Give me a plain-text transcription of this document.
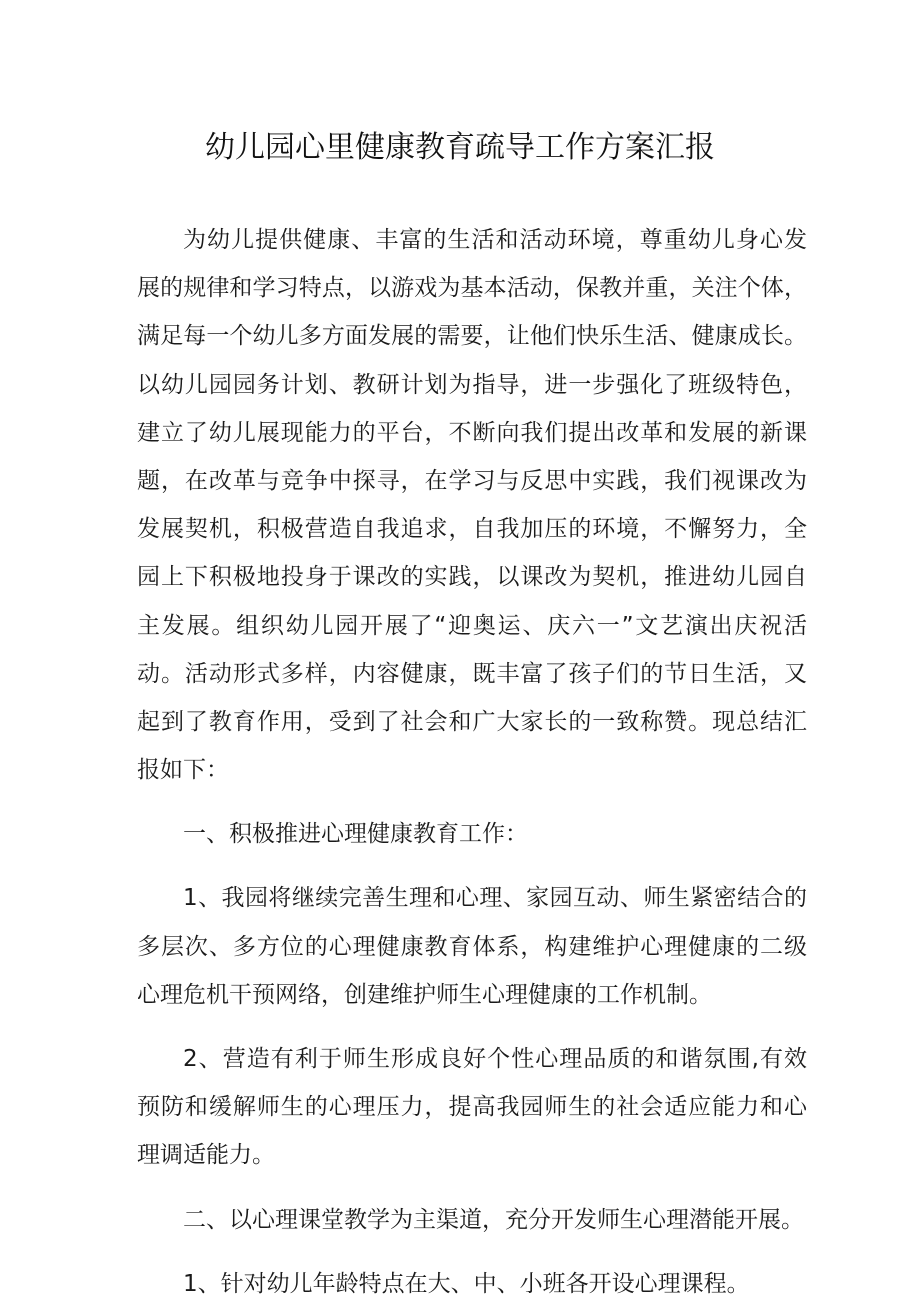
幼儿园心里健康教育疏导工作方案汇报

为幼儿提供健康、丰富的生活和活动环境，尊重幼儿身心发
展的规律和学习特点，以游戏为基本活动，保教并重，关注个体，
满足每一个幼儿多方面发展的需要，让他们快乐生活、健康成长。
以幼儿园园务计划、教研计划为指导，进一步强化了班级特色，
建立了幼儿展现能力的平台，不断向我们提出改革和发展的新课
题，在改革与竞争中探寻，在学习与反思中实践，我们视课改为
发展契机，积极营造自我追求，自我加压的环境，不懈努力，全
园上下积极地投身于课改的实践，以课改为契机，推进幼儿园自
主发展。组织幼儿园开展了“迎奥运、庆六一”文艺演出庆祝活
动。活动形式多样，内容健康，既丰富了孩子们的节日生活，又
起到了教育作用，受到了社会和广大家长的一致称赞。现总结汇
报如下：

一、积极推进心理健康教育工作：

1、我园将继续完善生理和心理、家园互动、师生紧密结合的
多层次、多方位的心理健康教育体系，构建维护心理健康的二级
心理危机干预网络，创建维护师生心理健康的工作机制。

2、营造有利于师生形成良好个性心理品质的和谐氛围,有效
预防和缓解师生的心理压力，提高我园师生的社会适应能力和心
理调适能力。

二、以心理课堂教学为主渠道，充分开发师生心理潜能开展。

1、针对幼儿年龄特点在大、中、小班各开设心理课程。
